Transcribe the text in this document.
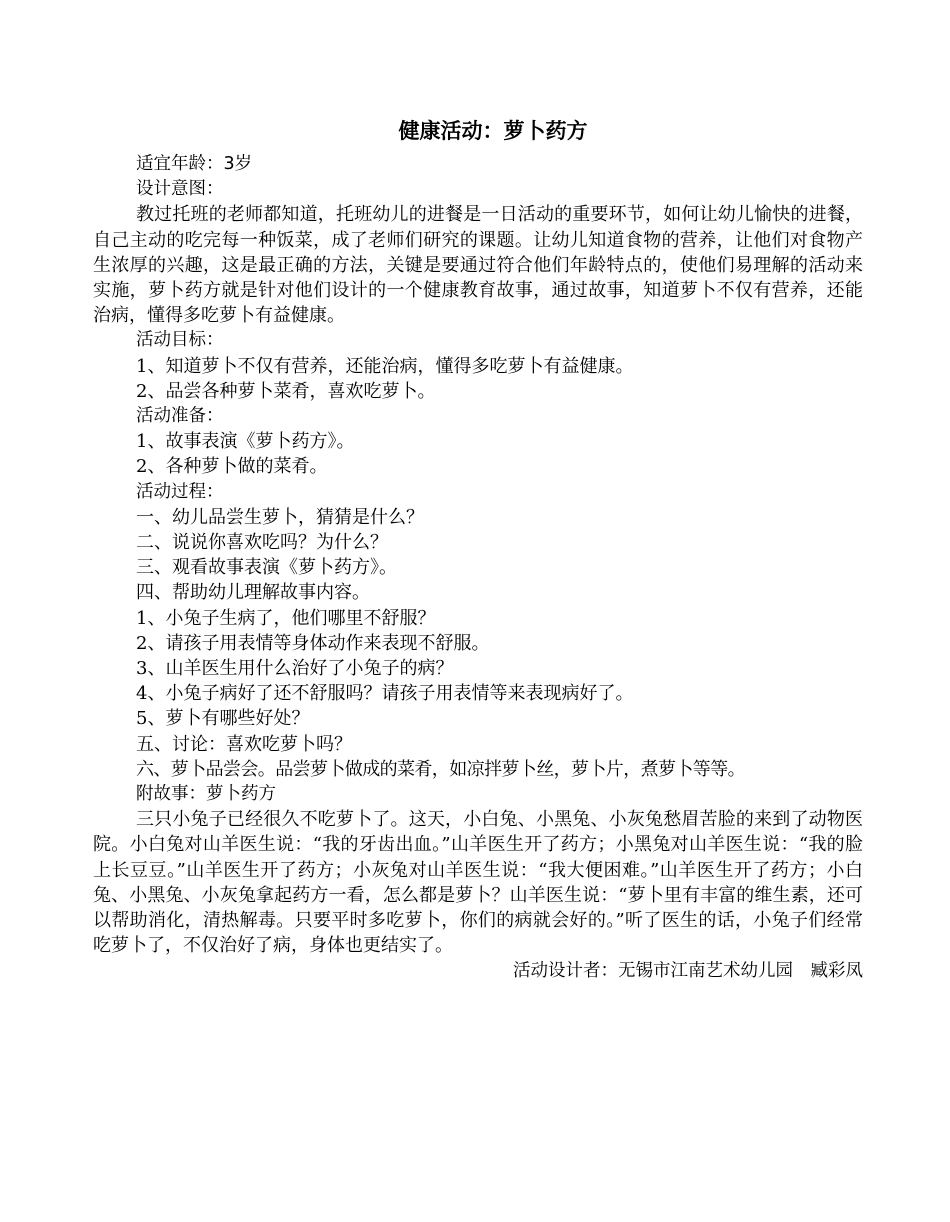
健康活动：萝卜药方

适宜年龄：3岁

设计意图：

教过托班的老师都知道，托班幼儿的进餐是一日活动的重要环节，如何让幼儿愉快的进餐，自己主动的吃完每一种饭菜，成了老师们研究的课题。让幼儿知道食物的营养，让他们对食物产生浓厚的兴趣，这是最正确的方法，关键是要通过符合他们年龄特点的，使他们易理解的活动来实施，萝卜药方就是针对他们设计的一个健康教育故事，通过故事，知道萝卜不仅有营养，还能治病，懂得多吃萝卜有益健康。

活动目标：

1、知道萝卜不仅有营养，还能治病，懂得多吃萝卜有益健康。

2、品尝各种萝卜菜肴，喜欢吃萝卜。

活动准备：

1、故事表演《萝卜药方》。

2、各种萝卜做的菜肴。

活动过程：

一、幼儿品尝生萝卜，猜猜是什么？

二、说说你喜欢吃吗？为什么？

三、观看故事表演《萝卜药方》。

四、帮助幼儿理解故事内容。

1、小兔子生病了，他们哪里不舒服？

2、请孩子用表情等身体动作来表现不舒服。

3、山羊医生用什么治好了小兔子的病？

4、小兔子病好了还不舒服吗？请孩子用表情等来表现病好了。

5、萝卜有哪些好处？

五、讨论：喜欢吃萝卜吗？

六、萝卜品尝会。品尝萝卜做成的菜肴，如凉拌萝卜丝，萝卜片，煮萝卜等等。

附故事：萝卜药方

三只小兔子已经很久不吃萝卜了。这天，小白兔、小黑兔、小灰兔愁眉苦脸的来到了动物医院。小白兔对山羊医生说：“我的牙齿出血。”山羊医生开了药方；小黑兔对山羊医生说：“我的脸上长豆豆。”山羊医生开了药方；小灰兔对山羊医生说：“我大便困难。”山羊医生开了药方；小白兔、小黑兔、小灰兔拿起药方一看，怎么都是萝卜？山羊医生说：“萝卜里有丰富的维生素，还可以帮助消化，清热解毒。只要平时多吃萝卜，你们的病就会好的。”听了医生的话，小兔子们经常吃萝卜了，不仅治好了病，身体也更结实了。

活动设计者：无锡市江南艺术幼儿园　臧彩凤
